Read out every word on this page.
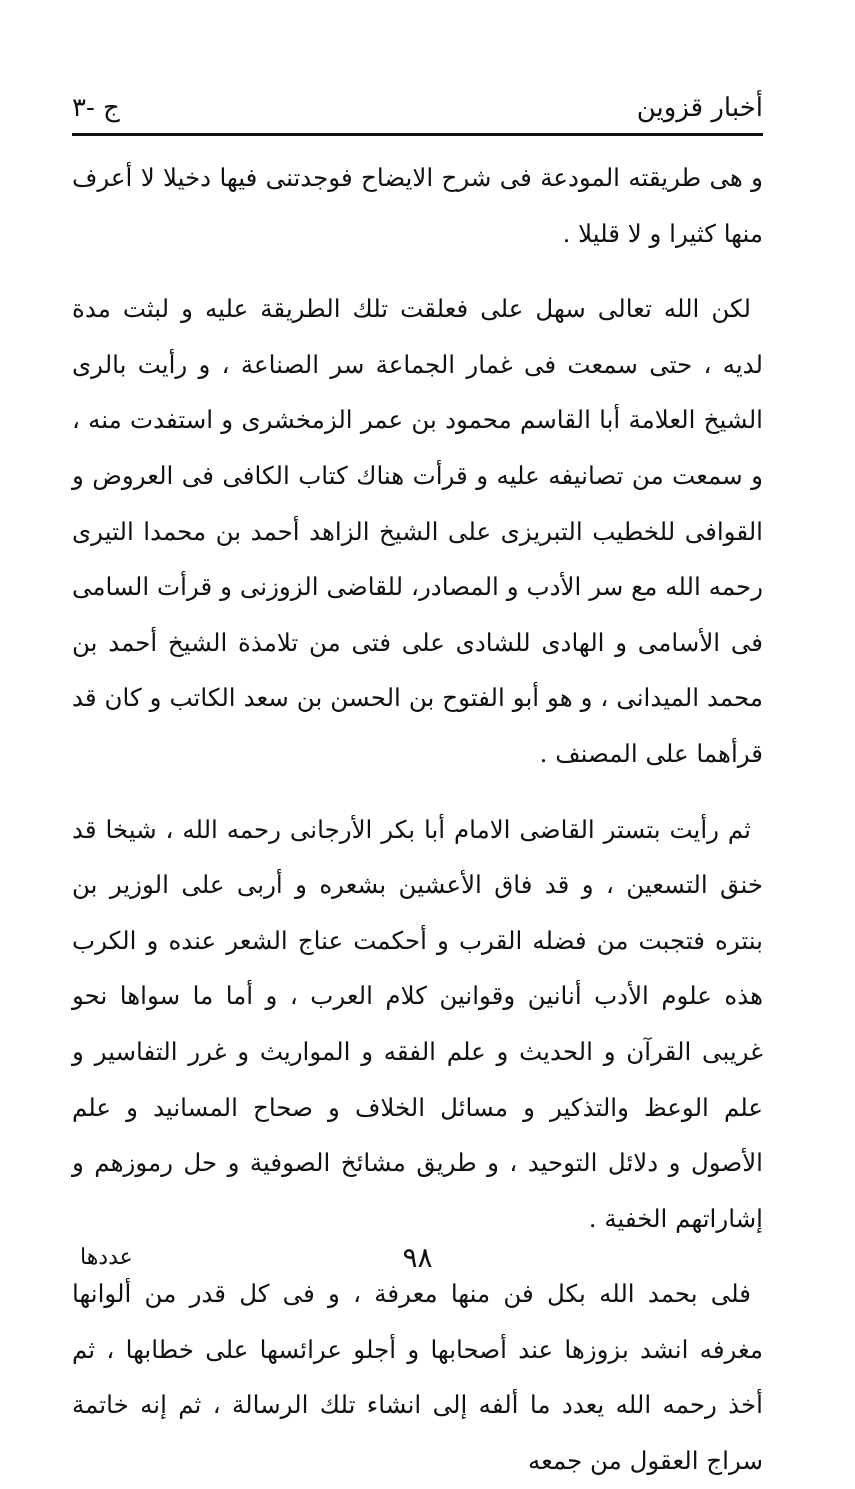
أخبار قزوين
ج -٣

و هى طريقته المودعة فى شرح الايضاح فوجدتنى فيها دخيلا لا أعرف منها كثيرا و لا قليلا .

لكن الله تعالى سهل على فعلقت تلك الطريقة عليه و لبثت مدة لديه ، حتى سمعت فى غمار الجماعة سر الصناعة ، و رأيت بالرى الشيخ العلامة أبا القاسم محمود بن عمر الزمخشرى و استفدت منه ، و سمعت من تصانيفه عليه و قرأت هناك كتاب الكافى فى العروض و القوافى للخطيب التبريزى على الشيخ الزاهد أحمد بن محمدا التيرى رحمه الله مع سر الأدب و المصادر، للقاضى الزوزنى و قرأت السامى فى الأسامى و الهادى للشادى على فتى من تلامذة الشيخ أحمد بن محمد الميدانى ، و هو أبو الفتوح بن الحسن بن سعد الكاتب و كان قد قرأهما على المصنف .

ثم رأيت بتستر القاضى الامام أبا بكر الأرجانى رحمه الله ، شيخا قد خنق التسعين ، و قد فاق الأعشين بشعره و أربى على الوزير بن بنتره فتجبت من فضله القرب و أحكمت عناج الشعر عنده و الكرب هذه علوم الأدب أنانين وقوانين كلام العرب ، و أما ما سواها نحو غريبى القرآن و الحديث و علم الفقه و المواريث و غرر التفاسير و علم الوعظ والتذكير و مسائل الخلاف و صحاح المسانيد و علم الأصول و دلائل التوحيد ، و طريق مشائخ الصوفية و حل رموزهم و إشاراتهم الخفية .

فلى بحمد الله بكل فن منها معرفة ، و فى كل قدر من ألوانها مغرفه انشد بزوزها عند أصحابها و أجلو عرائسها على خطابها ، ثم أخذ رحمه الله يعدد ما ألفه إلى انشاء تلك الرسالة ، ثم إنه خاتمة سراج العقول من جمعه

٩٨
عددها
